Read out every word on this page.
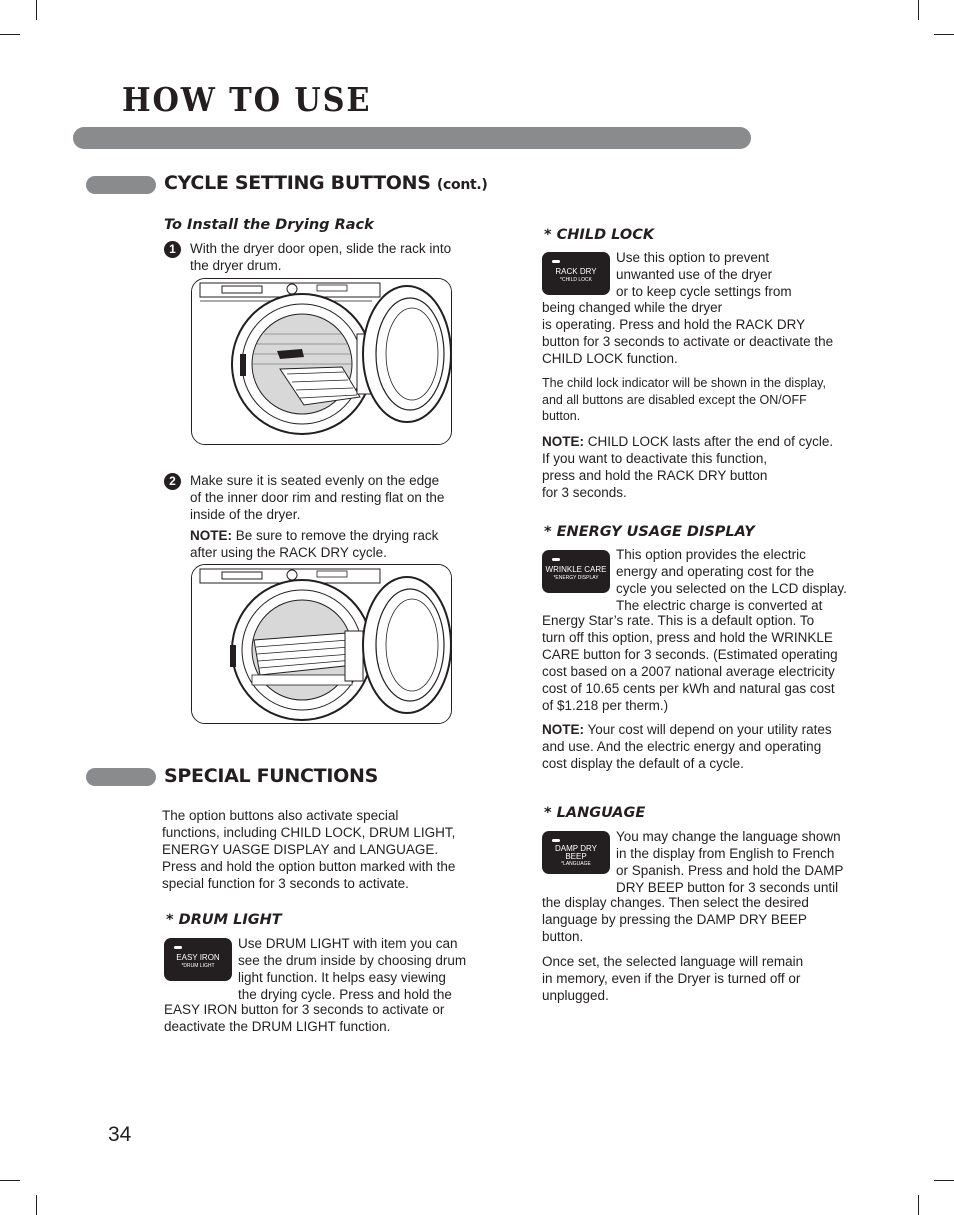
HOW TO USE
CYCLE SETTING BUTTONS (cont.)
To Install the Drying Rack
1	With the dryer door open, slide the rack into

the dryer drum.

2	Make sure it is seated evenly on the edge

of the inner door rim and resting flat on the

inside of the dryer.

NOTE: Be sure to remove the drying rack

after using the RACK DRY cycle.

SPECIAL FUNCTIONS

The option buttons also activate special

functions, including CHILD LOCK, DRUM LIGHT,

ENERGY UASGE DISPLAY and LANGUAGE.

Press and hold the option button marked with the

special function for 3 seconds to activate.

* DRUM LIGHT
EASY IRON
*DRUM LIGHT

Use DRUM LIGHT with item you can

see the drum inside by choosing drum

light function. It helps easy viewing

the drying cycle. Press and hold the

EASY IRON button for 3 seconds to activate or

deactivate the DRUM LIGHT function.

* CHILD LOCK
RACK DRY
*CHILD LOCK

Use this option to prevent

unwanted use of the dryer

or to keep cycle settings from

being changed while the dryer

is operating. Press and hold the RACK DRY

button for 3 seconds to activate or deactivate the

CHILD LOCK function.

The child lock indicator will be shown in the display,

and all buttons are disabled except the ON/OFF

button.

NOTE: CHILD LOCK lasts after the end of cycle.

If you want to deactivate this function,

press and hold the RACK DRY button

for 3 seconds.

* ENERGY USAGE DISPLAY
WRINKLE CARE
*ENERGY DISPLAY

This option provides the electric

energy and operating cost for the

cycle you selected on the LCD display.

The electric charge is converted at

Energy Star’s rate. This is a default option. To

turn off this option, press and hold the WRINKLE

CARE button for 3 seconds. (Estimated operating

cost based on a 2007 national average electricity

cost of 10.65 cents per kWh and natural gas cost

of $1.218 per therm.)

NOTE: Your cost will depend on your utility rates

and use. And the electric energy and operating

cost display the default of a cycle.

* LANGUAGE
DAMP DRY
BEEP
*LANGUAGE

You may change the language shown

in the display from English to French

or Spanish. Press and hold the DAMP

DRY BEEP button for 3 seconds until

the display changes. Then select the desired

language by pressing the DAMP DRY BEEP

button.

Once set, the selected language will remain

in memory, even if the Dryer is turned off or

unplugged.

34
